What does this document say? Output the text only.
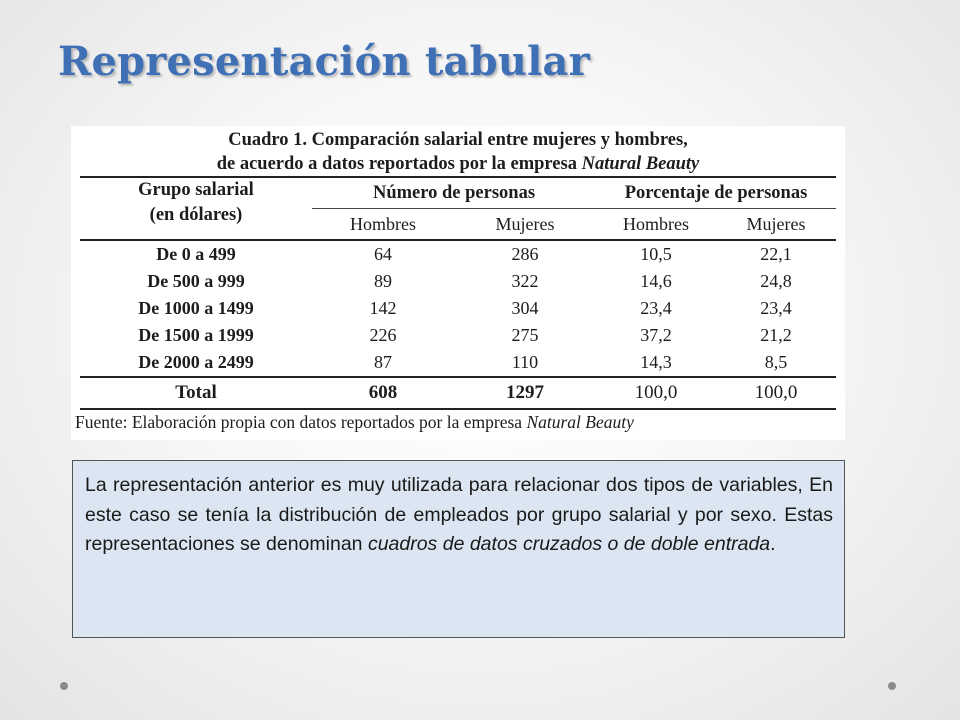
Representación tabular
Cuadro 1. Comparación salarial entre mujeres y hombres,
de acuerdo a datos reportados por la empresa Natural Beauty
Grupo salarial
(en dólares)	Número de personas		Porcentaje de personas	
	Hombres	Mujeres	Hombres	Mujeres
De 0 a 499	64	286	10,5	22,1
De 500 a 999	89	322	14,6	24,8
De 1000 a 1499	142	304	23,4	23,4
De 1500 a 1999	226	275	37,2	21,2
De 2000 a 2499	87	110	14,3	8,5
Total	608	1297	100,0	100,0
Fuente: Elaboración propia con datos reportados por la empresa Natural Beauty
La representación anterior es muy utilizada para relacionar dos tipos de variables, En este caso se tenía la distribución de empleados por grupo salarial y por sexo. Estas representaciones se denominan cuadros de datos cruzados o de doble entrada.
